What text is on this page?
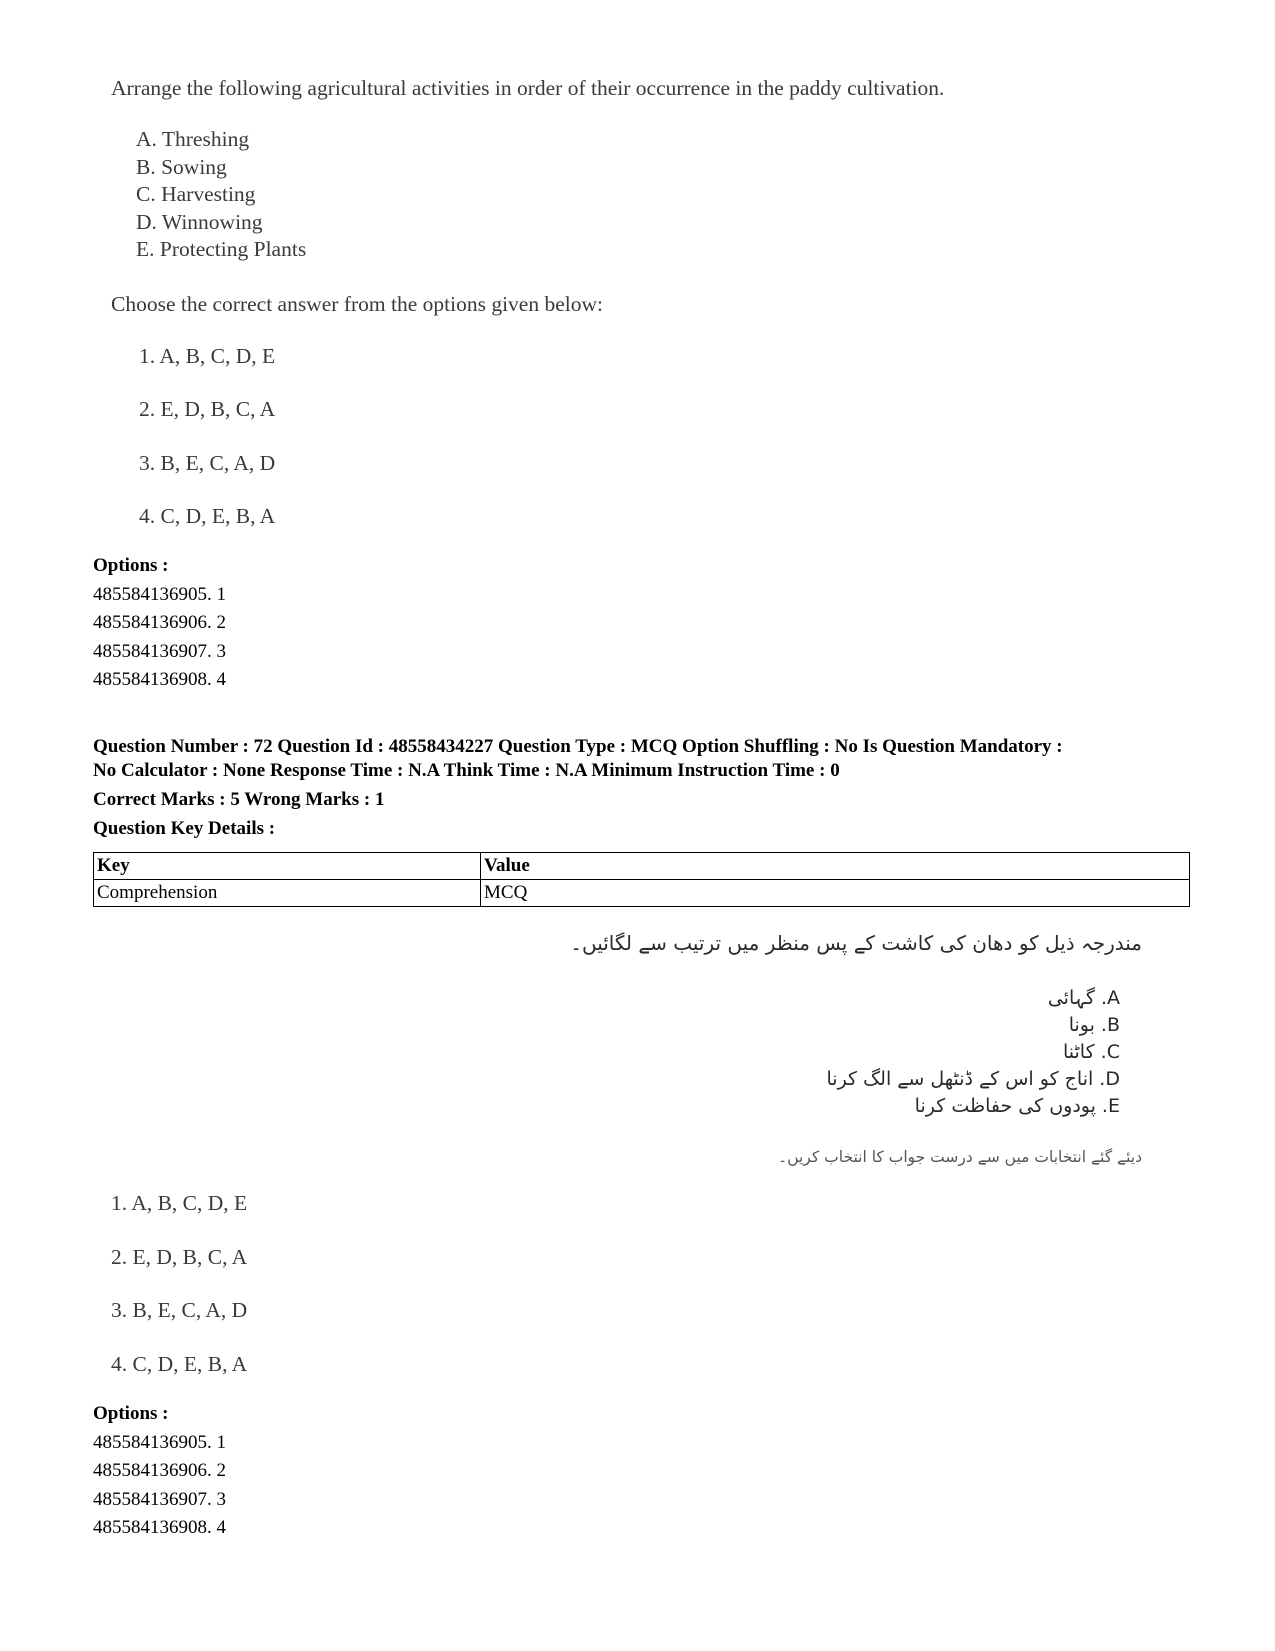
Arrange the following agricultural activities in order of their occurrence in the paddy cultivation.
A. Threshing
B. Sowing
C. Harvesting
D. Winnowing
E. Protecting Plants
Choose the correct answer from the options given below:
1. A, B, C, D, E
2. E, D, B, C, A
3. B, E, C, A, D
4. C, D, E, B, A
Options :
485584136905. 1
485584136906. 2
485584136907. 3
485584136908. 4
Question Number : 72 Question Id : 48558434227 Question Type : MCQ Option Shuffling : No Is Question Mandatory :
No Calculator : None Response Time : N.A Think Time : N.A Minimum Instruction Time : 0
Correct Marks : 5 Wrong Marks : 1
Question Key Details :
Key	Value
Comprehension	MCQ
مندرجہ ذیل کو دھان کی کاشت کے پس منظر میں ترتیب سے لگائیں۔
A. گہائی
B. بونا
C. کاٹنا
D. اناج کو اس کے ڈنٹھل سے الگ کرنا
E. پودوں کی حفاظت کرنا
دیئے گئے انتخابات میں سے درست جواب کا انتخاب کریں۔
1. A, B, C, D, E
2. E, D, B, C, A
3. B, E, C, A, D
4. C, D, E, B, A
Options :
485584136905. 1
485584136906. 2
485584136907. 3
485584136908. 4
